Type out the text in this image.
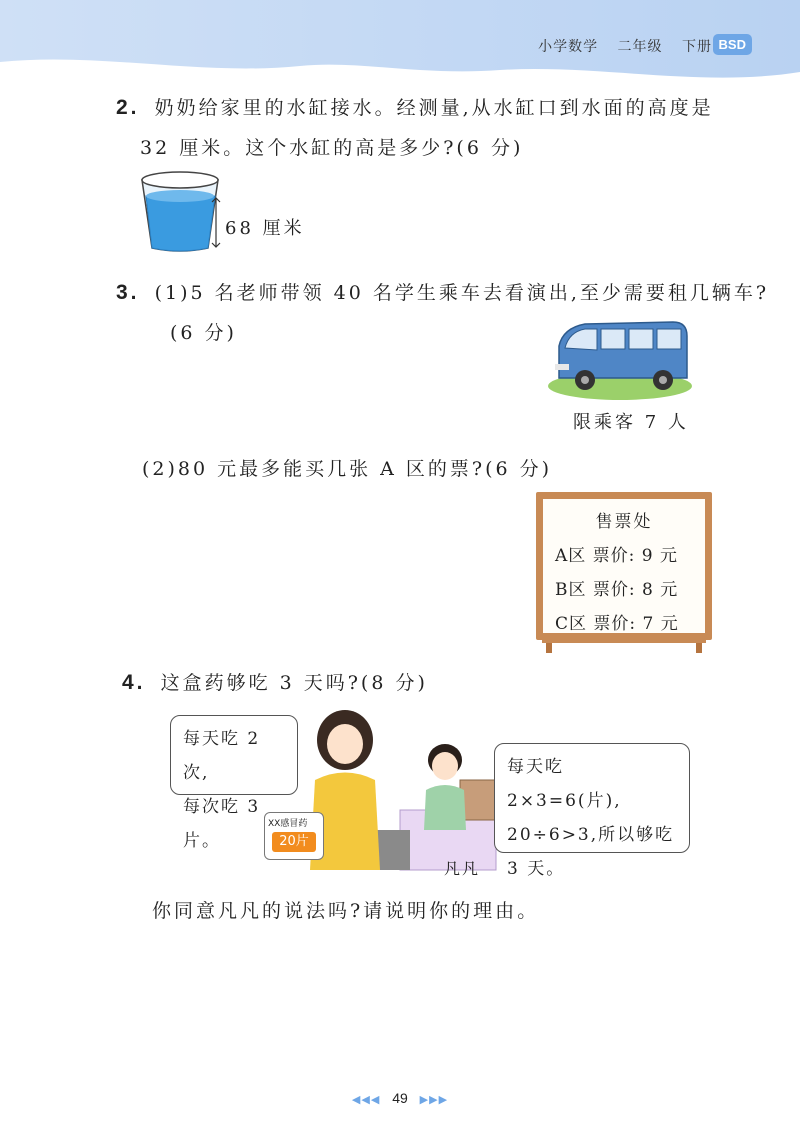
小学数学 二年级 下册 BSD
2. 奶奶给家里的水缸接水。经测量,从水缸口到水面的高度是
32 厘米。这个水缸的高是多少?(6 分)
68 厘米
3. (1)5 名老师带领 40 名学生乘车去看演出,至少需要租几辆车?
(6 分)
限乘客 7 人
(2)80 元最多能买几张 A 区的票?(6 分)
售票处
A区 票价: 9 元
B区 票价: 8 元
C区 票价: 7 元
4. 这盒药够吃 3 天吗?(8 分)
每天吃 2 次,
每次吃 3 片。
每天吃 2×3=6(片),
20÷6>3,所以够吃
3 天。
XX感冒药
20片
凡凡
你同意凡凡的说法吗?请说明你的理由。
◀◀◀ 49 ▶▶▶
